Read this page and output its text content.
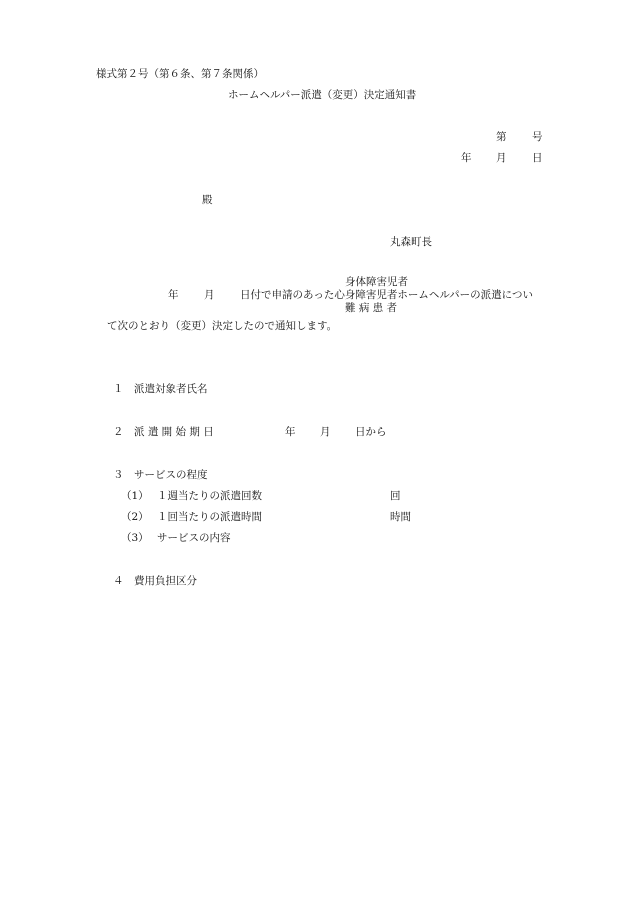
様式第２号（第６条、第７条関係）
ホームヘルパー派遣（変更）決定通知書
第 号
年 月 日
殿
丸森町長
身体障害児者
年 月 日付で申請のあった心身障害児者ホームヘルパーの派遣につい
難 病 患 者
て次のとおり（変更）決定したので通知します。
１ 派遣対象者氏名
２ 派 遣 開 始 期 日	年 月 日から
３ サービスの程度
（1） １週当たりの派遣回数	回
（2） １回当たりの派遣時間	時間
（3） サービスの内容
４ 費用負担区分
